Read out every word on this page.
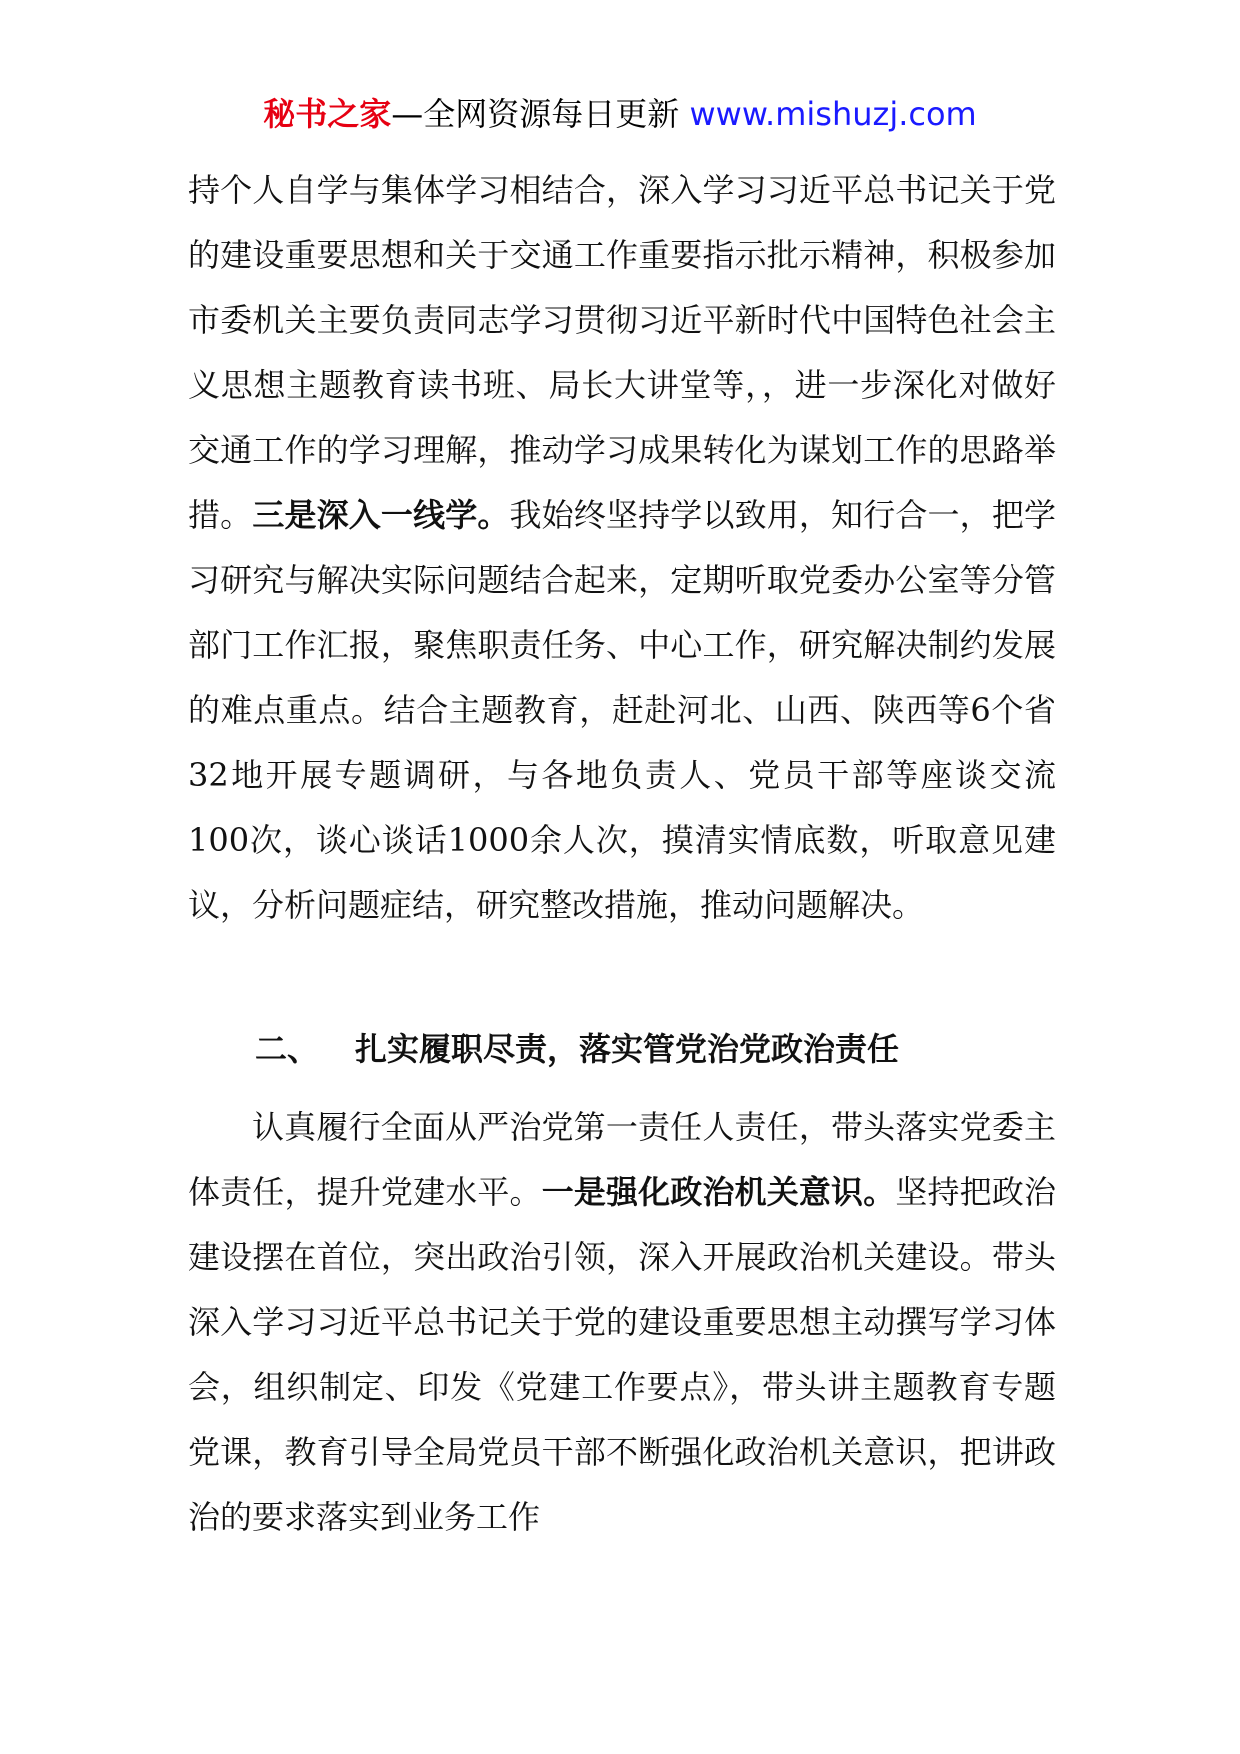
秘书之家—全网资源每日更新 www.mishuzj.com

持个人自学与集体学习相结合，深入学习习近平总书记关于党的建设重要思想和关于交通工作重要指示批示精神，积极参加市委机关主要负责同志学习贯彻习近平新时代中国特色社会主义思想主题教育读书班、局长大讲堂等，，进一步深化对做好交通工作的学习理解，推动学习成果转化为谋划工作的思路举措。三是深入一线学。我始终坚持学以致用，知行合一，把学习研究与解决实际问题结合起来，定期听取党委办公室等分管部门工作汇报，聚焦职责任务、中心工作，研究解决制约发展的难点重点。结合主题教育，赶赴河北、山西、陕西等6个省32地开展专题调研，与各地负责人、党员干部等座谈交流100次，谈心谈话1000余人次，摸清实情底数，听取意见建议，分析问题症结，研究整改措施，推动问题解决。

二、 扎实履职尽责，落实管党治党政治责任

认真履行全面从严治党第一责任人责任，带头落实党委主体责任，提升党建水平。一是强化政治机关意识。坚持把政治建设摆在首位，突出政治引领，深入开展政治机关建设。带头深入学习习近平总书记关于党的建设重要思想主动撰写学习体会，组织制定、印发《党建工作要点》，带头讲主题教育专题党课，教育引导全局党员干部不断强化政治机关意识，把讲政治的要求落实到业务工作
